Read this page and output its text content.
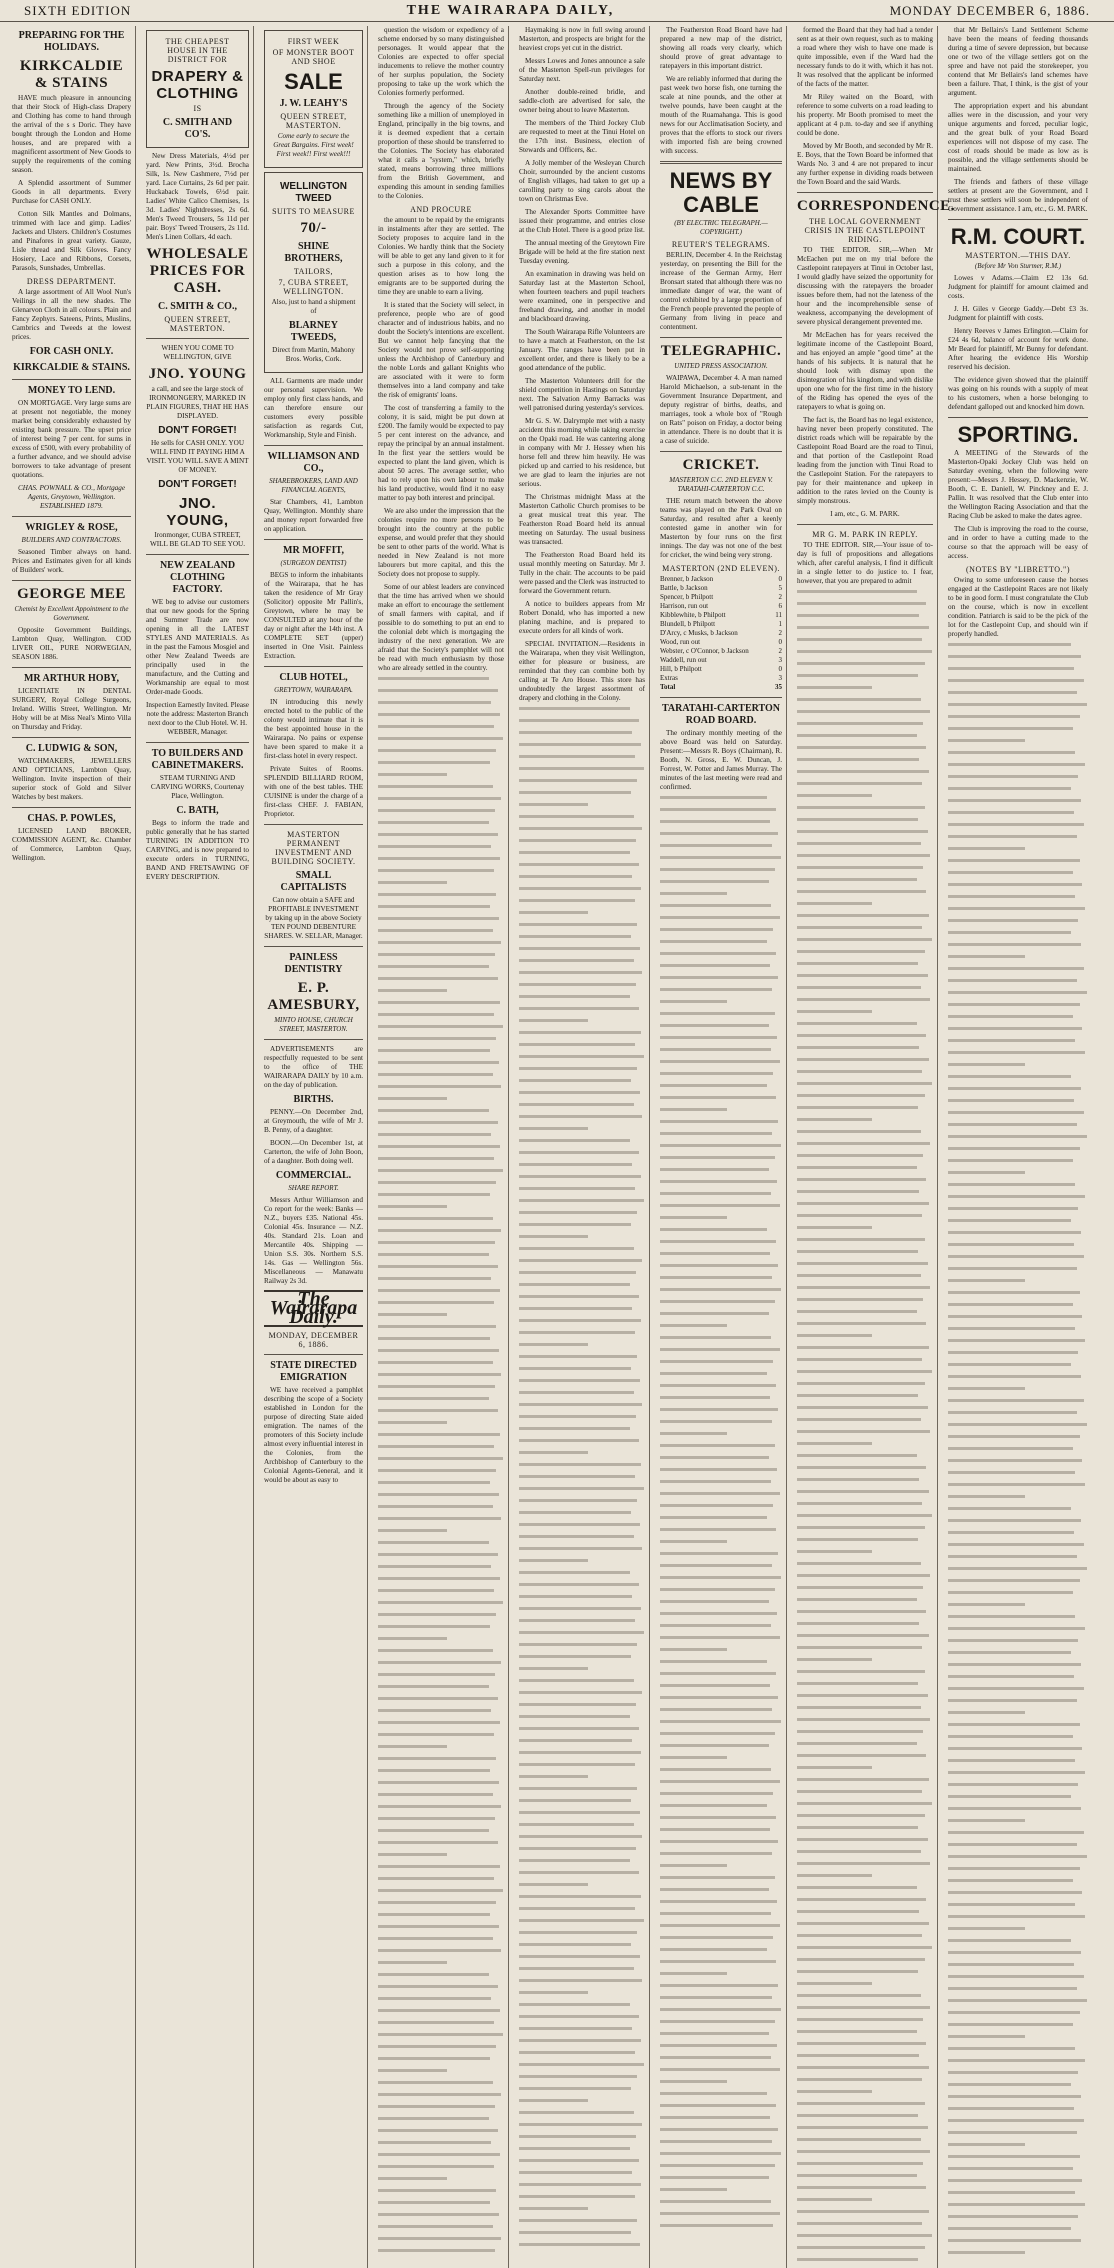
SIXTH EDITION	THE WAIRARAPA DAILY,	MONDAY DECEMBER 6, 1886.
PREPARING FOR THE HOLIDAYS.
KIRKCALDIE & STAINS

HAVE much pleasure in announcing that their Stock of High-class Drapery and Clothing has come to hand through the arrival of the s s Doric. They have bought through the London and Home houses, and are prepared with a magnificent assortment of New Goods to supply the requirements of the coming season.

A Splendid assortment of Summer Goods in all departments. Every Purchase for CASH ONLY.

Cotton Silk Mantles and Dolmans, trimmed with lace and gimp. Ladies' Jackets and Ulsters. Children's Costumes and Pinafores in great variety. Gauze, Lisle thread and Silk Gloves. Fancy Hosiery, Lace and Ribbons, Corsets, Parasols, Sunshades, Umbrellas.

DRESS DEPARTMENT.

A large assortment of All Wool Nun's Veilings in all the new shades. The Glenarvon Cloth in all colours. Plain and Fancy Zephyrs. Sateens, Prints, Muslins, Cambrics and Tweeds at the lowest prices.

FOR CASH ONLY.
KIRKCALDIE & STAINS.
MONEY TO LEND.

ON MORTGAGE. Very large sums are at present not negotiable, the money market being considerably exhausted by existing bank pressure. The upset price of interest being 7 per cent. for sums in excess of £500, with every probability of a further advance, and we should advise borrowers to take advantage of present quotations.

CHAS. POWNALL & CO., Mortgage Agents, Greytown, Wellington. ESTABLISHED 1879.

WRIGLEY & ROSE,
BUILDERS AND CONTRACTORS.

Seasoned Timber always on hand. Prices and Estimates given for all kinds of Builders' work.

GEORGE MEE
Chemist by Excellent Appointment to the Government.

Opposite Government Buildings, Lambton Quay, Wellington. COD LIVER OIL, PURE NORWEGIAN, SEASON 1886.

MR ARTHUR HOBY,

LICENTIATE IN DENTAL SURGERY, Royal College Surgeons, Ireland. Willis Street, Wellington. Mr Hoby will be at Miss Neal's Minto Villa on Thursday and Friday.

C. LUDWIG & SON,

WATCHMAKERS, JEWELLERS AND OPTICIANS, Lambton Quay, Wellington. Invite inspection of their superior stock of Gold and Silver Watches by best makers.

CHAS. P. POWLES,

LICENSED LAND BROKER, COMMISSION AGENT, &c. Chamber of Commerce, Lambton Quay, Wellington.

THE CHEAPEST HOUSE IN THE DISTRICT FOR
DRAPERY & CLOTHING
IS
C. SMITH AND CO'S.

New Dress Materials, 4½d per yard. New Prints, 3½d. Brocha Silk, 1s. New Cashmere, 7½d per yard. Lace Curtains, 2s 6d per pair. Huckaback Towels, 6½d pair. Ladies' White Calico Chemises, 1s 3d. Ladies' Nightdresses, 2s 6d. Men's Tweed Trousers, 5s 11d per pair. Boys' Tweed Trousers, 2s 11d. Men's Linen Collars, 4d each.

WHOLESALE PRICES FOR CASH.
C. SMITH & CO.,
QUEEN STREET, MASTERTON.

WHEN YOU COME TO WELLINGTON, GIVE

JNO. YOUNG

a call, and see the large stock of IRONMONGERY, MARKED IN PLAIN FIGURES, THAT HE HAS DISPLAYED.

DON'T FORGET!

He sells for CASH ONLY. YOU WILL FIND IT PAYING HIM A VISIT. YOU WILL SAVE A MINT OF MONEY.

DON'T FORGET!
JNO. YOUNG,

Ironmonger, CUBA STREET, WILL BE GLAD TO SEE YOU.

NEW ZEALAND CLOTHING FACTORY.

WE beg to advise our customers that our new goods for the Spring and Summer Trade are now opening in all the LATEST STYLES AND MATERIALS. As in the past the Famous Mosgiel and other New Zealand Tweeds are principally used in the manufacture, and the Cutting and Workmanship are equal to most Order-made Goods.

Inspection Earnestly Invited. Please note the address: Masterton Branch next door to the Club Hotel. W. H. WEBBER, Manager.

TO BUILDERS AND CABINETMAKERS.

STEAM TURNING AND CARVING WORKS, Courtenay Place, Wellington.

C. BATH,

Begs to inform the trade and public generally that he has started TURNING IN ADDITION TO CARVING, and is now prepared to execute orders in TURNING, BAND AND FRETSAWING OF EVERY DESCRIPTION.

FIRST WEEK
OF MONSTER BOOT AND SHOE
SALE
J. W. LEAHY'S
QUEEN STREET, MASTERTON.

Come early to secure the Great Bargains. First week! First week!! First week!!!

WELLINGTON TWEED
SUITS TO MEASURE
70/-
SHINE BROTHERS,
TAILORS,
7, CUBA STREET, WELLINGTON.

Also, just to hand a shipment of

BLARNEY TWEEDS,

Direct from Martin, Mahony Bros. Works, Cork.

ALL Garments are made under our personal supervision. We employ only first class hands, and can therefore ensure our customers every possible satisfaction as regards Cut, Workmanship, Style and Finish.

WILLIAMSON AND CO.,
SHAREBROKERS, LAND AND FINANCIAL AGENTS,

Star Chambers, 41, Lambton Quay, Wellington. Monthly share and money report forwarded free on application.

MR MOFFIT,
(SURGEON DENTIST)

BEGS to inform the inhabitants of the Wairarapa, that he has taken the residence of Mr Gray (Solicitor) opposite Mr Pallin's, Greytown, where he may be CONSULTED at any hour of the day or night after the 14th inst. A COMPLETE SET (upper) inserted in One Visit. Painless Extraction.

CLUB HOTEL,
GREYTOWN, WAIRARAPA.

IN introducing this newly erected hotel to the public of the colony would intimate that it is the best appointed house in the Wairarapa. No pains or expense have been spared to make it a first-class hotel in every respect.

Private Suites of Rooms. SPLENDID BILLIARD ROOM, with one of the best tables. THE CUISINE is under the charge of a first-class CHEF. J. FABIAN, Proprietor.

MASTERTON PERMANENT INVESTMENT AND BUILDING SOCIETY.
SMALL CAPITALISTS

Can now obtain a SAFE and PROFITABLE INVESTMENT by taking up in the above Society TEN POUND DEBENTURE SHARES. W. SELLAR, Manager.

PAINLESS DENTISTRY
E. P. AMESBURY,
MINTO HOUSE, CHURCH STREET, MASTERTON.

ADVERTISEMENTS are respectfully requested to be sent to the office of THE WAIRARAPA DAILY by 10 a.m. on the day of publication.

BIRTHS.

PENNY.—On December 2nd, at Greymouth, the wife of Mr J. B. Penny, of a daughter.

BOON.—On December 1st, at Carterton, the wife of John Boon, of a daughter. Both doing well.

COMMERCIAL.
SHARE REPORT.

Messrs Arthur Williamson and Co report for the week: Banks — N.Z., buyers £35. National 45s. Colonial 45s. Insurance — N.Z. 40s. Standard 21s. Loan and Mercantile 40s. Shipping — Union S.S. 30s. Northern S.S. 14s. Gas — Wellington 56s. Miscellaneous — Manawatu Railway 2s 3d.

The Wairarapa Daily.
MONDAY, DECEMBER 6, 1886.
STATE DIRECTED EMIGRATION

WE have received a pamphlet describing the scope of a Society established in London for the purpose of directing State aided emigration. The names of the promoters of this Society include almost every influential interest in the Colonies, from the Archbishop of Canterbury to the Colonial Agents-General, and it would be about as easy to

question the wisdom or expediency of a scheme endorsed by so many distinguished personages. It would appear that the Colonies are expected to offer special inducements to relieve the mother country of her surplus population, the Society proposing to take up the work which the Colonies formerly performed.

Through the agency of the Society something like a million of unemployed in England, principally in the big towns, and it is deemed expedient that a certain proportion of these should be transferred to the Colonies. The Society has elaborated what it calls a "system," which, briefly stated, means borrowing three millions from the British Government, and expending this amount in sending families to the Colonies.

AND PROCURE

the amount to be repaid by the emigrants in instalments after they are settled. The Society proposes to acquire land in the Colonies. We hardly think that the Society will be able to get any land given to it for such a purpose in this colony, and the question arises as to how long the emigrants are to be supported during the time they are unable to earn a living.

It is stated that the Society will select, in preference, people who are of good character and of industrious habits, and no doubt the Society's intentions are excellent. But we cannot help fancying that the Society would not prove self-supporting unless the Archbishop of Canterbury and the noble Lords and gallant Knights who are associated with it were to form themselves into a land company and take the risk of emigrants' loans.

The cost of transferring a family to the colony, it is said, might be put down at £200. The family would be expected to pay 5 per cent interest on the advance, and repay the principal by an annual instalment. In the first year the settlers would be expected to plant the land given, which is about 50 acres. The average settler, who had to rely upon his own labour to make his land productive, would find it no easy matter to pay both interest and principal.

We are also under the impression that the colonies require no more persons to be brought into the country at the public expense, and would prefer that they should be sent to other parts of the world. What is needed in New Zealand is not more labourers but more capital, and this the Society does not propose to supply.

Some of our ablest leaders are convinced that the time has arrived when we should make an effort to encourage the settlement of small farmers with capital, and if possible to do something to put an end to the colonial debt which is mortgaging the industry of the next generation. We are afraid that the Society's pamphlet will not be read with much enthusiasm by those who are already settled in the country.

Haymaking is now in full swing around Masterton, and prospects are bright for the heaviest crops yet cut in the district.

Messrs Lowes and Jones announce a sale of the Masterton Spell-run privileges for Saturday next.

Another double-reined bridle, and saddle-cloth are advertised for sale, the owner being about to leave Masterton.

The members of the Third Jockey Club are requested to meet at the Tinui Hotel on the 17th inst. Business, election of Stewards and Officers, &c.

A Jolly member of the Wesleyan Church Choir, surrounded by the ancient customs of English villages, had taken to get up a carolling party to sing carols about the town on Christmas Eve.

The Alexander Sports Committee have issued their programme, and entries close at the Club Hotel. There is a good prize list.

The annual meeting of the Greytown Fire Brigade will be held at the fire station next Tuesday evening.

An examination in drawing was held on Saturday last at the Masterton School, when fourteen teachers and pupil teachers were examined, one in perspective and freehand drawing, and another in model and blackboard drawing.

The South Wairarapa Rifle Volunteers are to have a match at Featherston, on the 1st January. The ranges have been put in excellent order, and there is likely to be a good attendance of the public.

The Masterton Volunteers drill for the shield competition in Hastings on Saturday next. The Salvation Army Barracks was well patronised during yesterday's services.

Mr G. S. W. Dalrymple met with a nasty accident this morning while taking exercise on the Opaki road. He was cantering along in company with Mr J. Hessey when his horse fell and threw him heavily. He was picked up and carried to his residence, but we are glad to learn the injuries are not serious.

The Christmas midnight Mass at the Masterton Catholic Church promises to be a great musical treat this year. The Featherston Road Board held its annual meeting on Saturday. The usual business was transacted.

The Featherston Road Board held its usual monthly meeting on Saturday. Mr J. Tully in the chair. The accounts to be paid were passed and the Clerk was instructed to forward the Government return.

A notice to builders appears from Mr Robert Donald, who has imported a new planing machine, and is prepared to execute orders for all kinds of work.

SPECIAL INVITATION.—Residents in the Wairarapa, when they visit Wellington, either for pleasure or business, are reminded that they can combine both by calling at Te Aro House. This store has undoubtedly the largest assortment of drapery and clothing in the Colony.

The Featherston Road Board have had prepared a new map of the district, showing all roads very clearly, which should prove of great advantage to ratepayers in this important district.

We are reliably informed that during the past week two horse fish, one turning the scale at nine pounds, and the other at twelve pounds, have been caught at the mouth of the Ruamahanga. This is good news for our Acclimatisation Society, and proves that the efforts to stock our rivers with imported fish are being crowned with success.

NEWS BY CABLE
(BY ELECTRIC TELEGRAPH.—COPYRIGHT.)
REUTER'S TELEGRAMS.

BERLIN, December 4. In the Reichstag yesterday, on presenting the Bill for the increase of the German Army, Herr Bronsart stated that although there was no immediate danger of war, the want of control exhibited by a large proportion of the French people prevented the people of Germany from living in peace and contentment.

TELEGRAPHIC.
UNITED PRESS ASSOCIATION.

WAIPAWA, December 4. A man named Harold Michaelson, a sub-tenant in the Government Insurance Department, and deputy registrar of births, deaths, and marriages, took a whole box of "Rough on Rats" poison on Friday, a doctor being in attendance. There is no doubt that it is a case of suicide.

CRICKET.
MASTERTON C.C. 2ND ELEVEN V. TARATAHI-CARTERTON C.C.

THE return match between the above teams was played on the Park Oval on Saturday, and resulted after a keenly contested game in another win for Masterton by four runs on the first innings. The day was not one of the best for cricket, the wind being very strong.

MASTERTON (2ND ELEVEN).
Brenner, b Jackson	0
Battle, b Jackson	5
Spencer, b Philpott	2
Harrison, run out	6
Kibblewhite, b Philpott	11
Blundell, b Philpott	1
D'Arcy, c Musks, b Jackson	2
Wood, run out	0
Webster, c O'Connor, b Jackson	2
Waddell, run out	3
Hill, b Philpott	0
Extras	3
Total	35
TARATAHI-CARTERTON ROAD BOARD.

The ordinary monthly meeting of the above Board was held on Saturday. Present:—Messrs R. Boys (Chairman), R. Booth, N. Gross, E. W. Duncan, J. Forrest, W. Potter and James Murray. The minutes of the last meeting were read and confirmed.

formed the Board that they had had a tender sent as at their own request, such as to making a road where they wish to have one made is quite impossible, even if the Ward had the necessary funds to do it with, which it has not. It was resolved that the applicant be informed of the facts of the matter.

Mr Riley waited on the Board, with reference to some culverts on a road leading to his property. Mr Booth promised to meet the applicant at 4 p.m. to-day and see if anything could be done.

Moved by Mr Booth, and seconded by Mr R. E. Boys, that the Town Board be informed that Wards No. 3 and 4 are not prepared to incur any further expense in dividing roads between the Town Board and the said Wards.

CORRESPONDENCE.
THE LOCAL GOVERNMENT CRISIS IN THE CASTLEPOINT RIDING.

TO THE EDITOR. SIR,—When Mr McEachen put me on my trial before the Castlepoint ratepayers at Tinui in October last, I would gladly have seized the opportunity for discussing with the ratepayers the broader issues before them, had not the lateness of the hour and the incomprehensible sense of weakness, accompanying the development of severe physical derangement prevented me.

Mr McEachen has for years received the legitimate income of the Castlepoint Board, and has enjoyed an ample "good time" at the hands of his subjects. It is natural that he should look with dismay upon the disintegration of his kingdom, and with dislike upon one who for the first time in the history of the Riding has opened the eyes of the ratepayers to what is going on.

The fact is, the Board has no legal existence, having never been properly constituted. The district roads which will be repairable by the Castlepoint Road Board are the road to Tinui, and that portion of the Castlepoint Road leading from the junction with Tinui Road to the Castlepoint Station. For the ratepayers to pay for their maintenance and upkeep in addition to the rates levied on the County is simply monstrous.

I am, etc., G. M. PARK.

MR G. M. PARK IN REPLY.

TO THE EDITOR. SIR,—Your issue of to-day is full of propositions and allegations which, after careful analysis, I find it difficult in a single letter to do justice to. I fear, however, that you are prepared to admit

that Mr Bellairs's Land Settlement Scheme have been the means of feeding thousands during a time of severe depression, but because one or two of the village settlers got on the spree and have not paid the storekeeper, you contend that Mr Bellairs's land schemes have been a failure. That, I think, is the gist of your argument.

The appropriation expert and his abundant allies were in the discussion, and your very unique arguments and forced, peculiar logic, and the great bulk of your Road Board experiences will not dispose of my case. The cost of roads should be made as low as is possible, and the village settlements should be maintained.

The friends and fathers of these village settlers at present are the Government, and I trust these settlers will soon be independent of Government assistance. I am, etc., G. M. PARK.

R.M. COURT.
MASTERTON.—THIS DAY.
(Before Mr Von Sturmer, R.M.)

Lowes v Adams.—Claim £2 13s 6d. Judgment for plaintiff for amount claimed and costs.

J. H. Giles v George Gaddy.—Debt £3 3s. Judgment for plaintiff with costs.

Henry Reeves v James Erlington.—Claim for £24 4s 6d, balance of account for work done. Mr Beard for plaintiff, Mr Bunny for defendant. After hearing the evidence His Worship reserved his decision.

The evidence given showed that the plaintiff was going on his rounds with a supply of meat to his customers, when a horse belonging to defendant galloped out and knocked him down.

SPORTING.

A MEETING of the Stewards of the Masterton-Opaki Jockey Club was held on Saturday evening, when the following were present:—Messrs J. Hessey, D. Mackenzie, W. Booth, C. E. Daniell, W. Pinckney and E. J. Pallin. It was resolved that the Club enter into the Wellington Racing Association and that the Racing Club be asked to make the dates agree.

The Club is improving the road to the course, and in order to have a cutting made to the course so that the approach will be easy of access.

(NOTES BY "LIBRETTO.")

Owing to some unforeseen cause the horses engaged at the Castlepoint Races are not likely to be in good form. I must congratulate the Club on the course, which is now in excellent condition. Patriarch is said to be the pick of the lot for the Castlepoint Cup, and should win if properly handled.
